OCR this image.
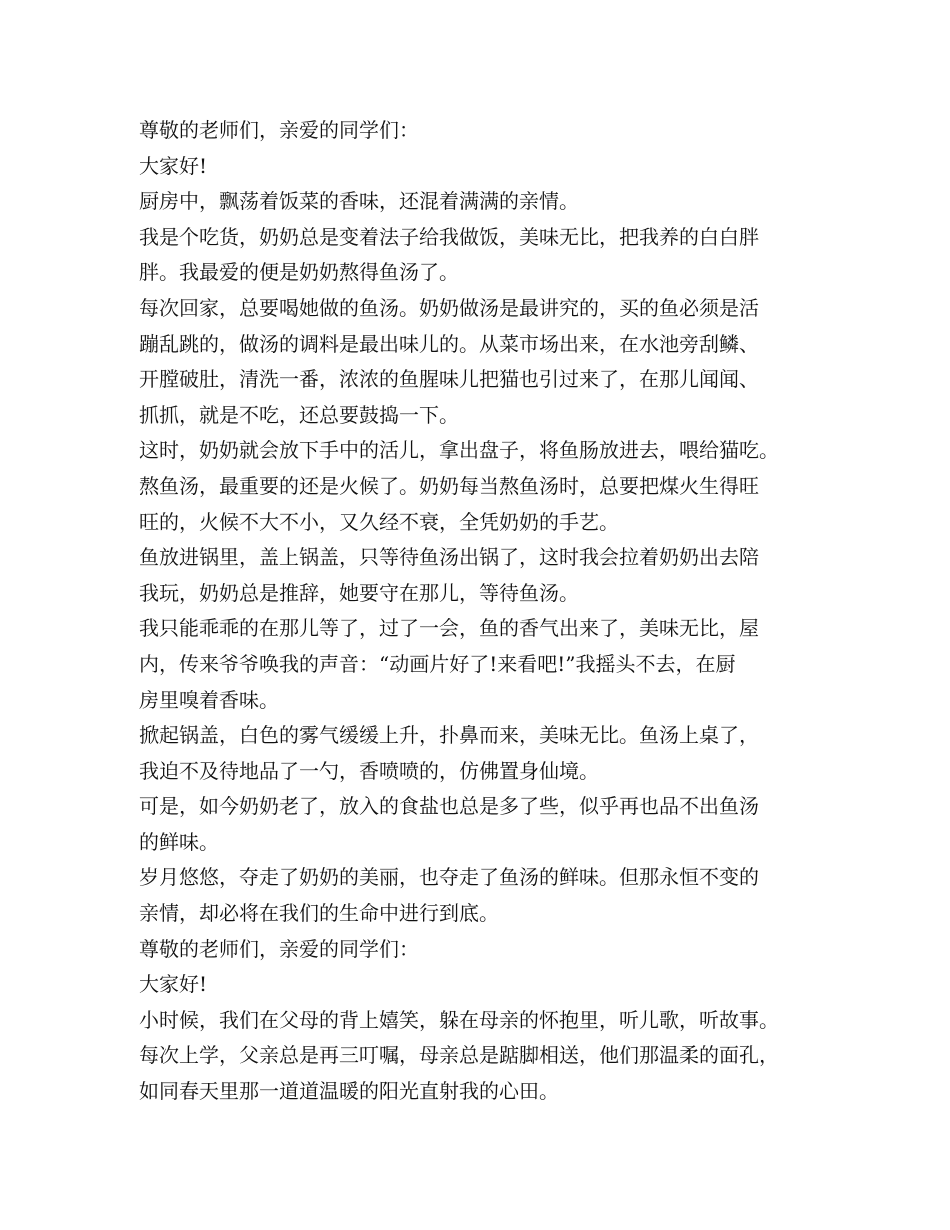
尊敬的老师们，亲爱的同学们：

大家好!

厨房中，飘荡着饭菜的香味，还混着满满的亲情。

我是个吃货，奶奶总是变着法子给我做饭，美味无比，把我养的白白胖

胖。我最爱的便是奶奶熬得鱼汤了。

每次回家，总要喝她做的鱼汤。奶奶做汤是最讲究的，买的鱼必须是活

蹦乱跳的，做汤的调料是最出味儿的。从菜市场出来，在水池旁刮鳞、

开膛破肚，清洗一番，浓浓的鱼腥味儿把猫也引过来了，在那儿闻闻、

抓抓，就是不吃，还总要鼓捣一下。

这时，奶奶就会放下手中的活儿，拿出盘子，将鱼肠放进去，喂给猫吃。

熬鱼汤，最重要的还是火候了。奶奶每当熬鱼汤时，总要把煤火生得旺

旺的，火候不大不小，又久经不衰，全凭奶奶的手艺。

鱼放进锅里，盖上锅盖，只等待鱼汤出锅了，这时我会拉着奶奶出去陪

我玩，奶奶总是推辞，她要守在那儿，等待鱼汤。

我只能乖乖的在那儿等了，过了一会，鱼的香气出来了，美味无比，屋

内，传来爷爷唤我的声音：“动画片好了!来看吧!”我摇头不去，在厨

房里嗅着香味。

掀起锅盖，白色的雾气缓缓上升，扑鼻而来，美味无比。鱼汤上桌了，

我迫不及待地品了一勺，香喷喷的，仿佛置身仙境。

可是，如今奶奶老了，放入的食盐也总是多了些，似乎再也品不出鱼汤

的鲜味。

岁月悠悠，夺走了奶奶的美丽，也夺走了鱼汤的鲜味。但那永恒不变的

亲情，却必将在我们的生命中进行到底。

尊敬的老师们，亲爱的同学们：

大家好!

小时候，我们在父母的背上嬉笑，躲在母亲的怀抱里，听儿歌，听故事。

每次上学，父亲总是再三叮嘱，母亲总是踮脚相送，他们那温柔的面孔，

如同春天里那一道道温暖的阳光直射我的心田。
